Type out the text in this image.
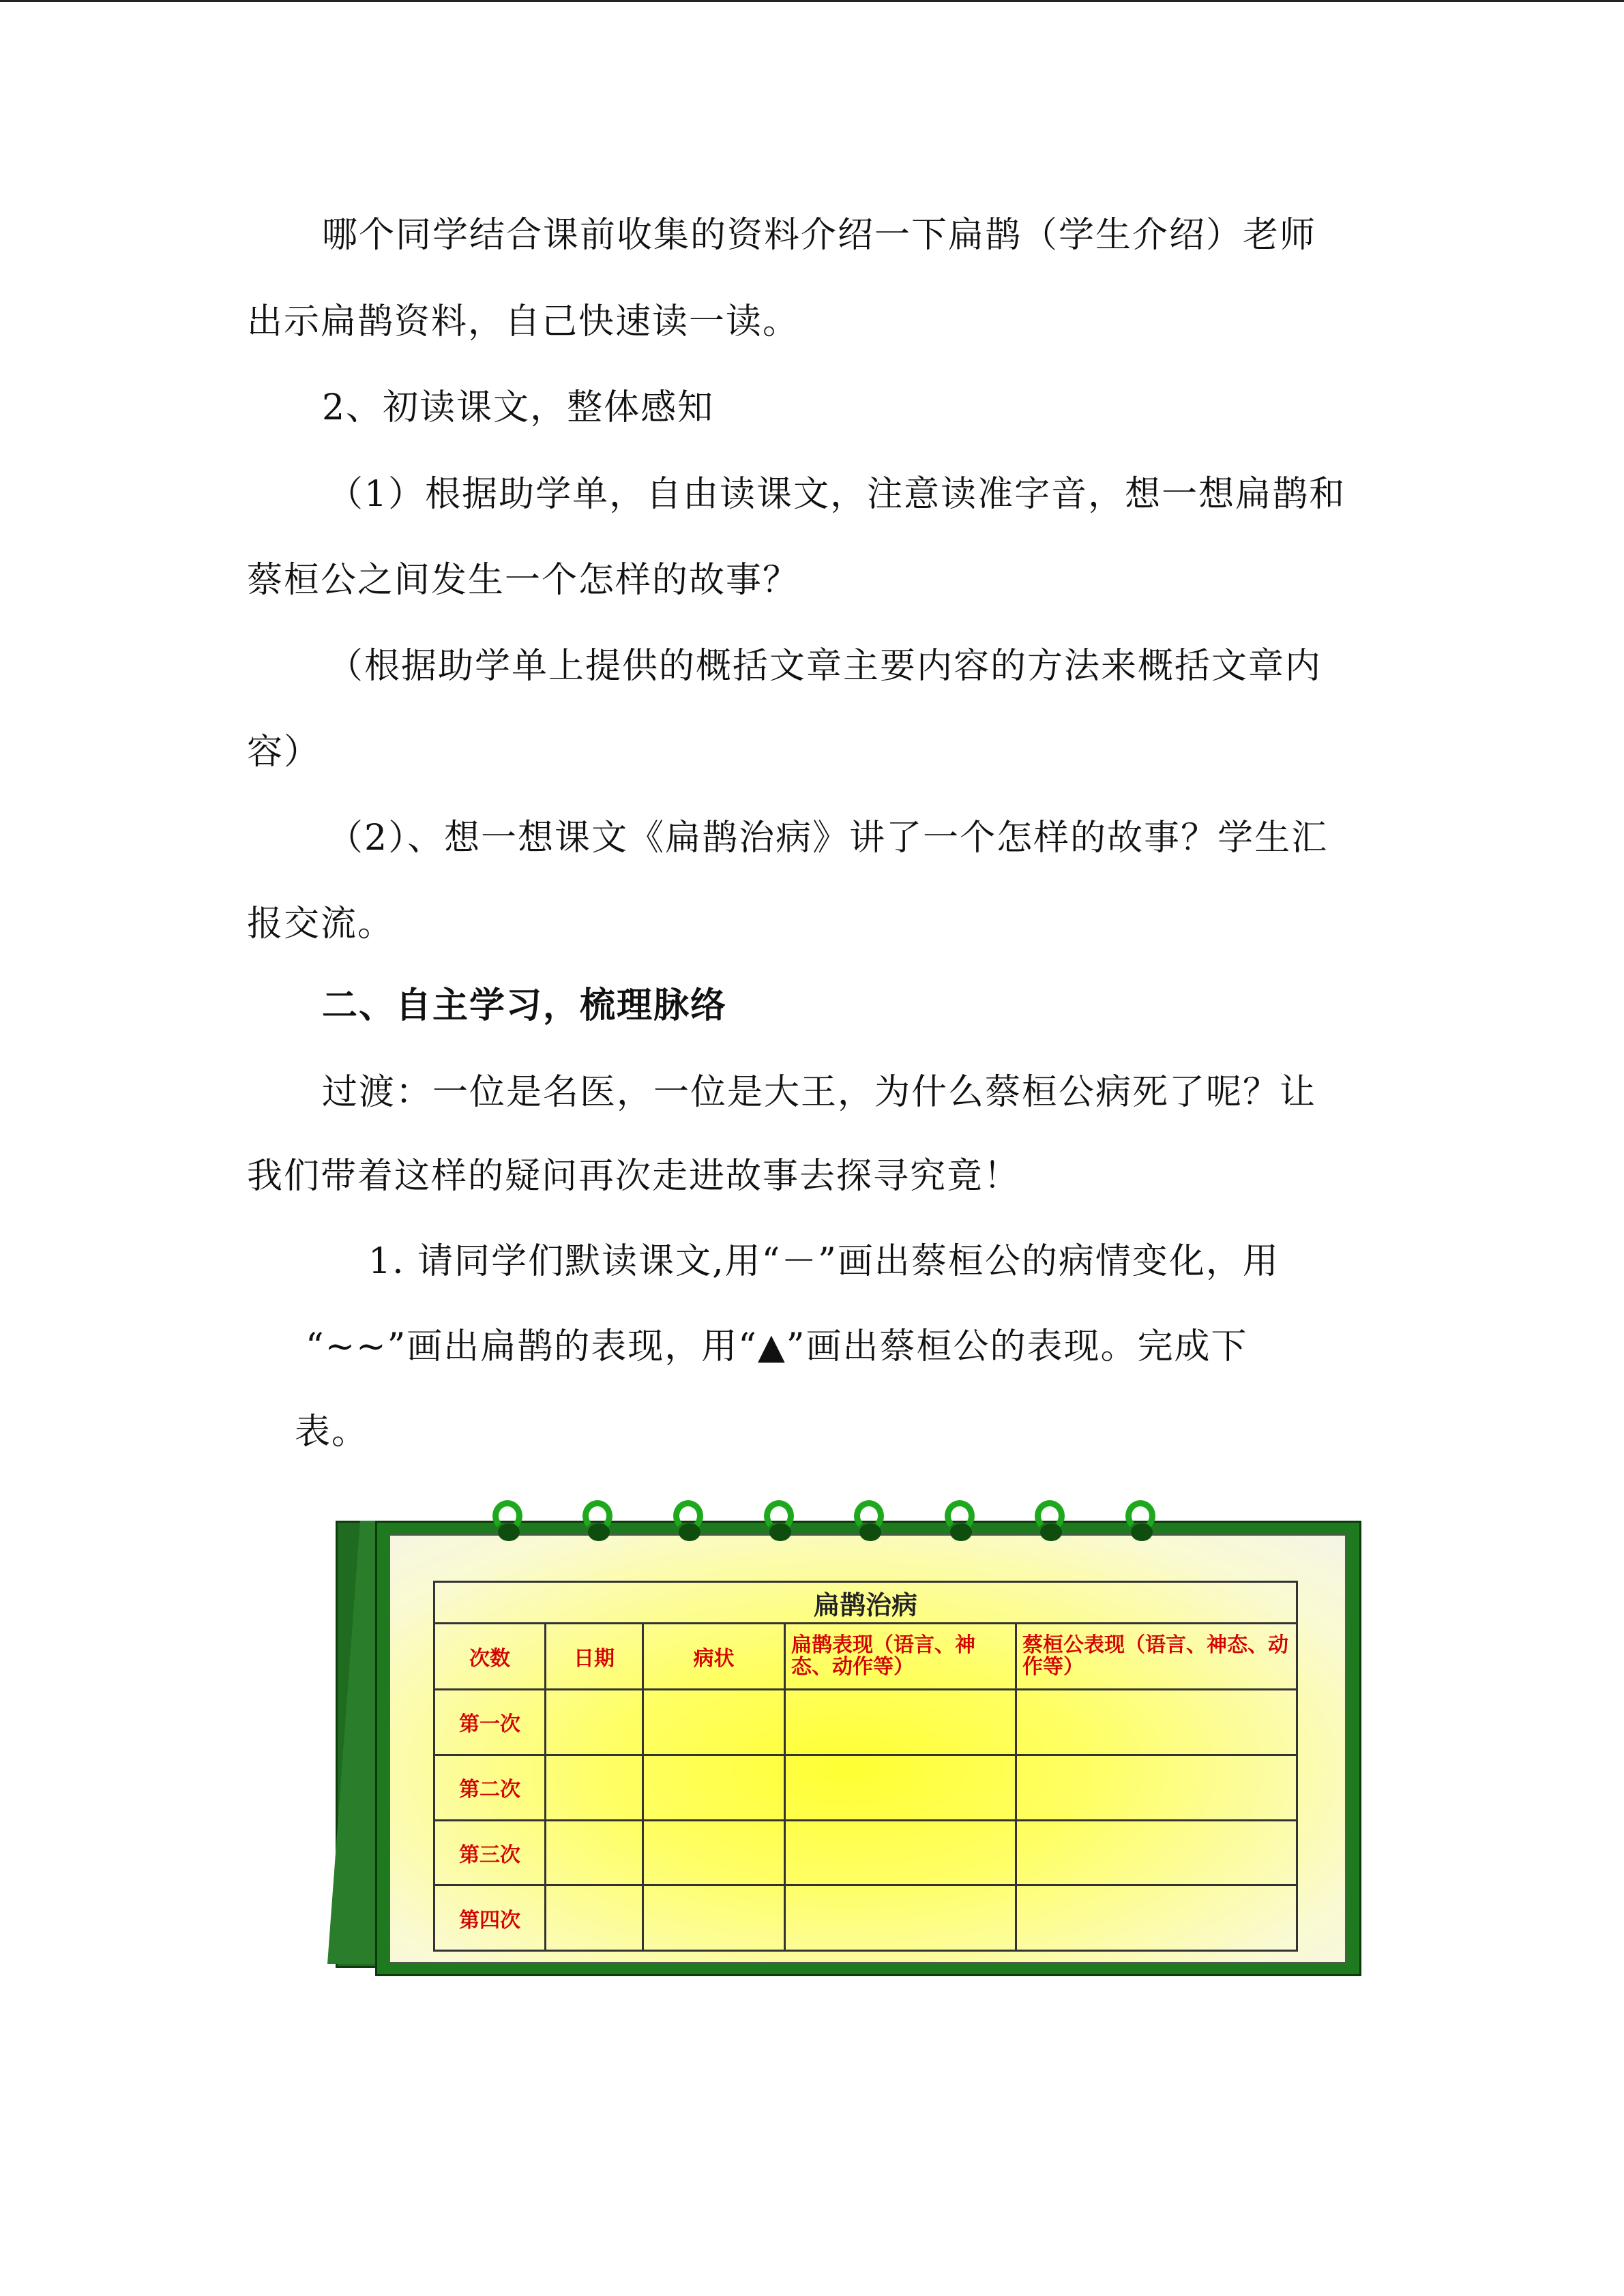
哪个同学结合课前收集的资料介绍一下扁鹊（学生介绍）老师
出示扁鹊资料，自己快速读一读。
2、初读课文，整体感知
（1）根据助学单，自由读课文，注意读准字音，想一想扁鹊和
蔡桓公之间发生一个怎样的故事？
（根据助学单上提供的概括文章主要内容的方法来概括文章内
容）
（2）、想一想课文《扁鹊治病》讲了一个怎样的故事？学生汇
报交流。
二、自主学习，梳理脉络
过渡：一位是名医，一位是大王，为什么蔡桓公病死了呢？让
我们带着这样的疑问再次走进故事去探寻究竟！
1. 请同学们默读课文,用“－”画出蔡桓公的病情变化，用
“~~”画出扁鹊的表现，用“▲”画出蔡桓公的表现。完成下
表。
扁鹊治病				
次数	日期	病状	扁鹊表现（语言、神态、动作等）	蔡桓公表现（语言、神态、动作等）
第一次				
第二次				
第三次				
第四次				
